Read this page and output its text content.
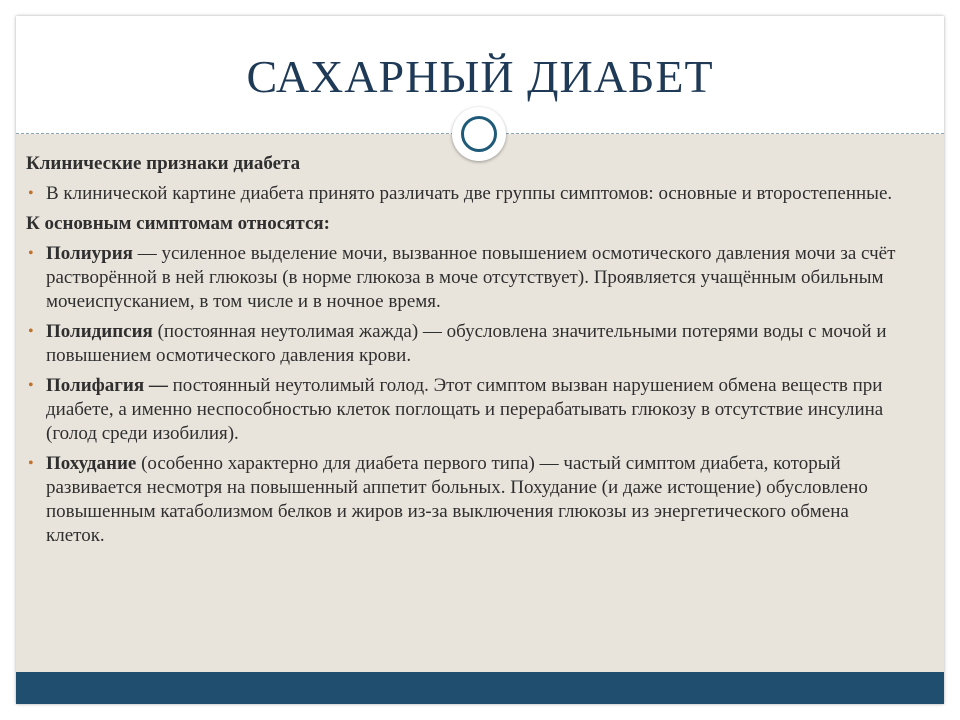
САХАРНЫЙ ДИАБЕТ

Клинические признаки диабета

• В клинической картине диабета принято различать две группы симптомов: основные и второстепенные.

К основным симптомам относятся:

• Полиурия — усиленное выделение мочи, вызванное повышением осмотического давления мочи за счёт растворённой в ней глюкозы (в норме глюкоза в моче отсутствует). Проявляется учащённым обильным мочеиспусканием, в том числе и в ночное время.

• Полидипсия (постоянная неутолимая жажда) — обусловлена значительными потерями воды с мочой и повышением осмотического давления крови.

• Полифагия — постоянный неутолимый голод. Этот симптом вызван нарушением обмена веществ при диабете, а именно неспособностью клеток поглощать и перерабатывать глюкозу в отсутствие инсулина (голод среди изобилия).

• Похудание (особенно характерно для диабета первого типа) — частый симптом диабета, который развивается несмотря на повышенный аппетит больных. Похудание (и даже истощение) обусловлено повышенным катаболизмом белков и жиров из-за выключения глюкозы из энергетического обмена клеток.
